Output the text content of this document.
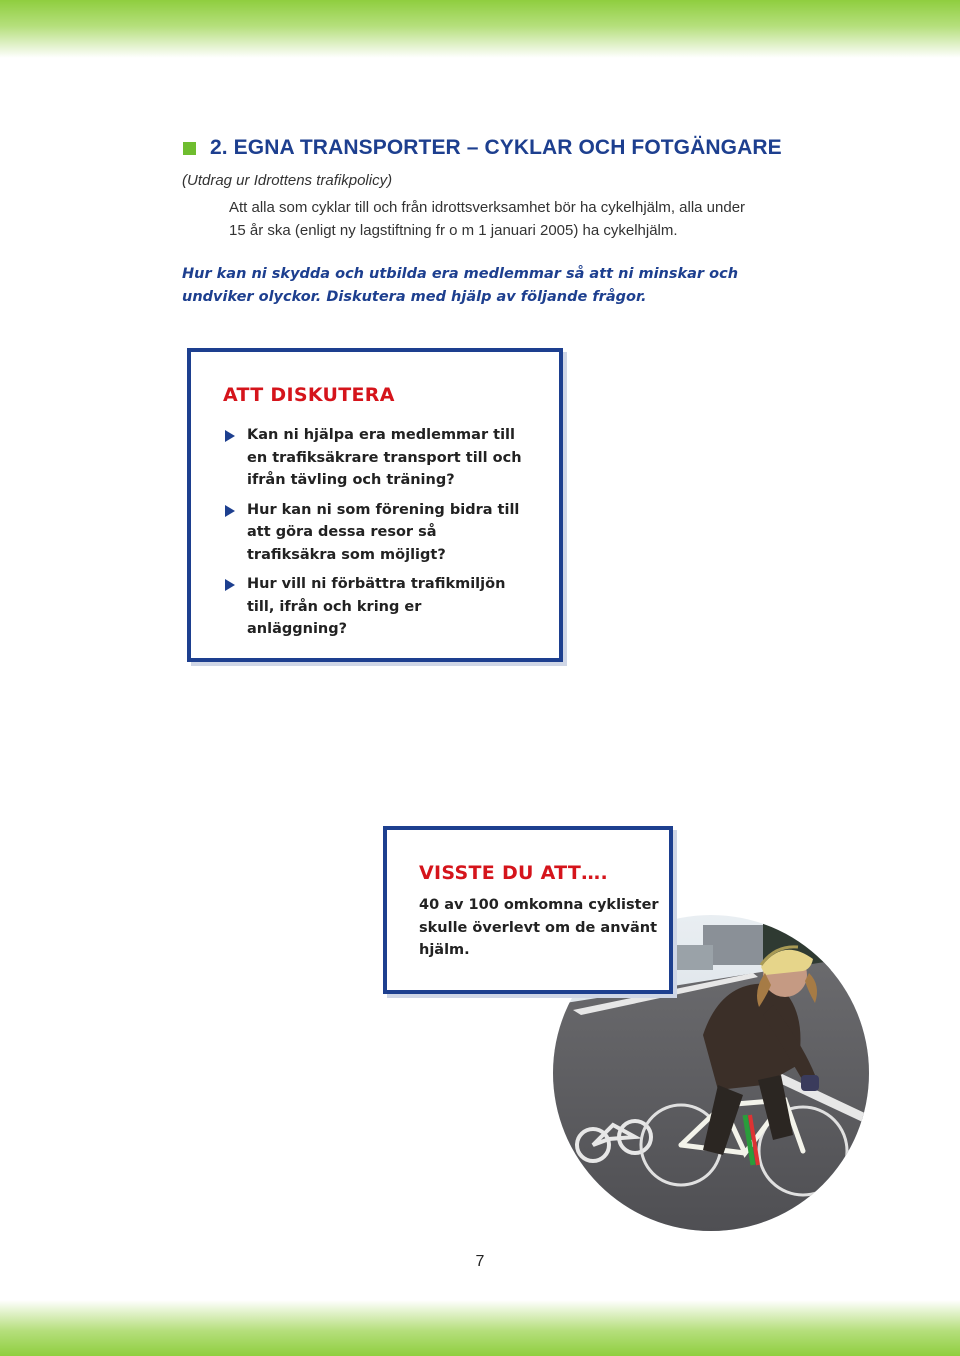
2. EGNA TRANSPORTER – CYKLAR OCH FOTGÄNGARE
(Utdrag ur Idrottens trafikpolicy)
Att alla som cyklar till och från idrottsverksamhet bör ha cykelhjälm, alla under 15 år ska (enligt ny lagstiftning fr o m 1 januari 2005) ha cykelhjälm.
Hur kan ni skydda och utbilda era medlemmar så att ni minskar och undviker olyckor. Diskutera med hjälp av följande frågor.
ATT DISKUTERA
Kan ni hjälpa era medlemmar till en trafiksäkrare transport till och ifrån tävling och träning?
Hur kan ni som förening bidra till att göra dessa resor så trafiksäkra som möjligt?
Hur vill ni förbättra trafikmiljön till, ifrån och kring er anläggning?
VISSTE DU ATT….
40 av 100 omkomna cyklister skulle överlevt om de använt hjälm.
7
